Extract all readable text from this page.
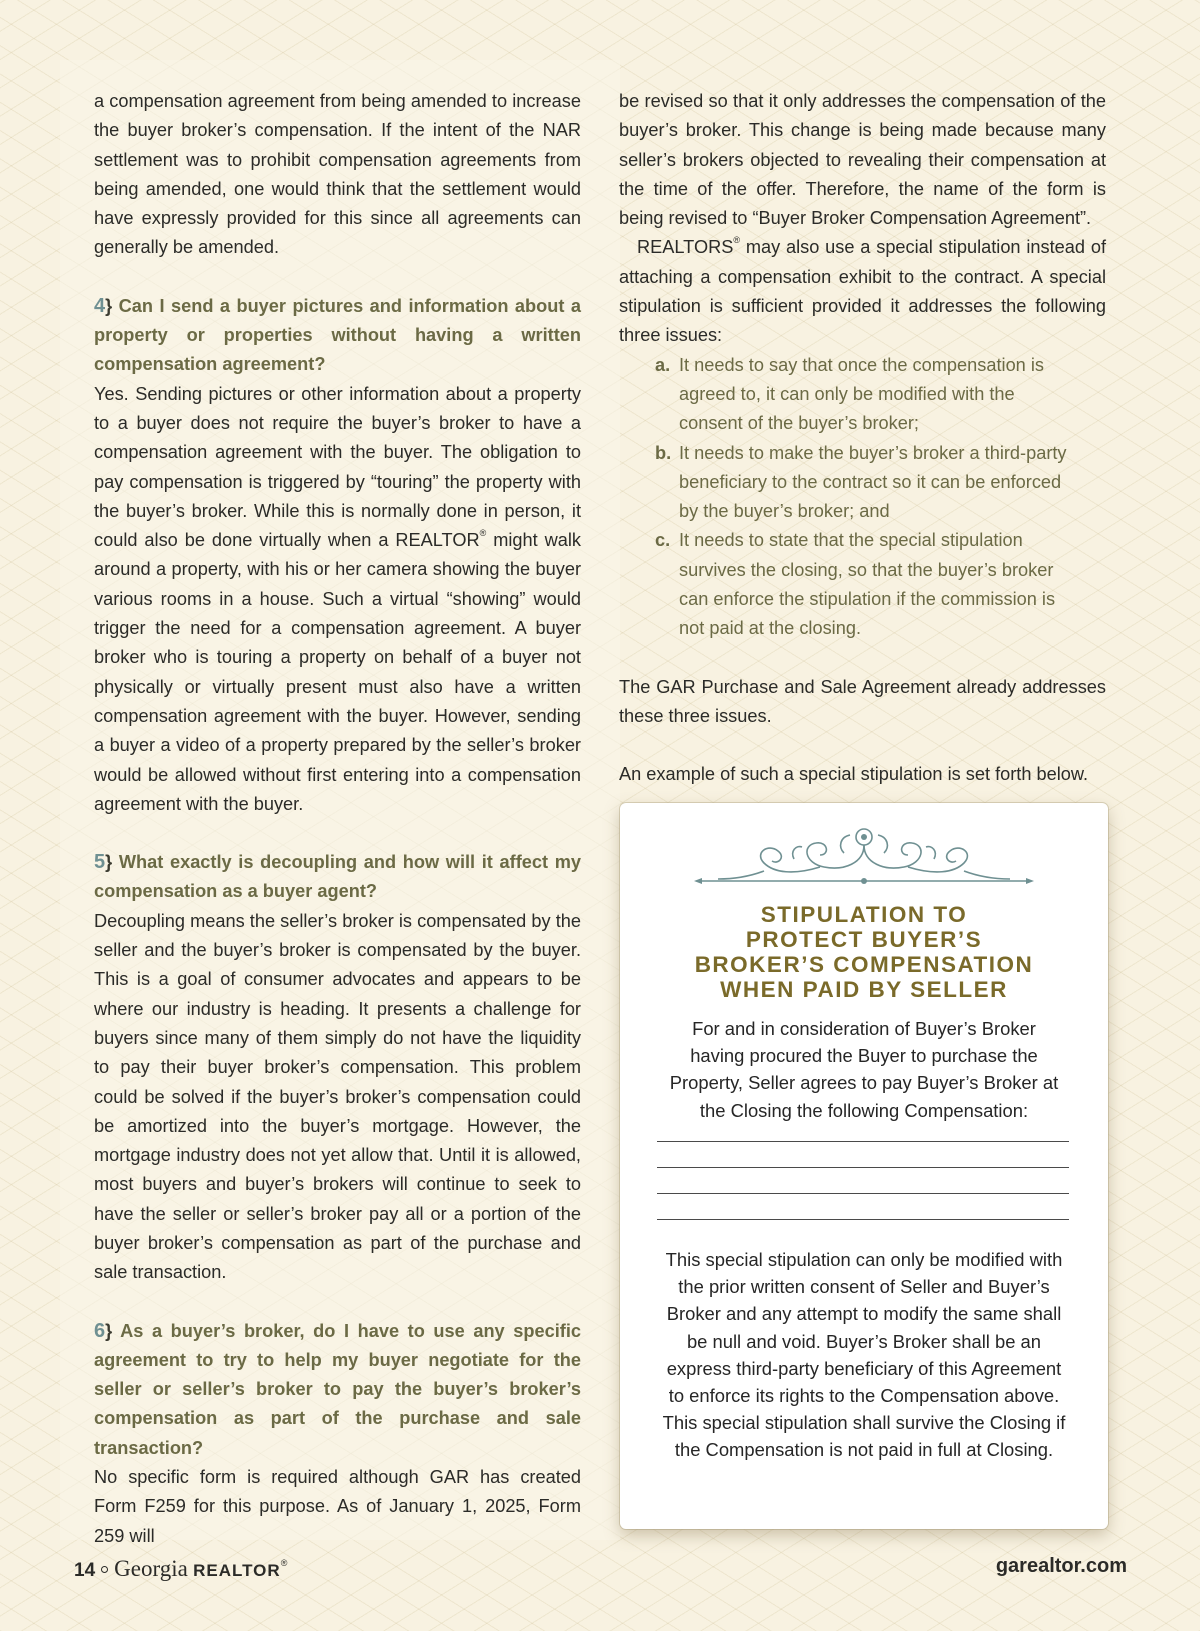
a compensation agreement from being amended to increase the buyer broker’s compensation. If the intent of the NAR settlement was to prohibit compensation agreements from being amended, one would think that the settlement would have expressly provided for this since all agreements can generally be amended.

4} Can I send a buyer pictures and information about a property or properties without having a written compensation agreement?

Yes. Sending pictures or other information about a property to a buyer does not require the buyer’s broker to have a compensation agreement with the buyer. The obligation to pay compensation is triggered by “touring” the property with the buyer’s broker. While this is normally done in person, it could also be done virtually when a REALTOR® might walk around a property, with his or her camera showing the buyer various rooms in a house. Such a virtual “showing” would trigger the need for a compensation agreement. A buyer broker who is touring a property on behalf of a buyer not physically or virtually present must also have a written compensation agreement with the buyer. However, sending a buyer a video of a property prepared by the seller’s broker would be allowed without first entering into a compensation agreement with the buyer.

5} What exactly is decoupling and how will it affect my compensation as a buyer agent?

Decoupling means the seller’s broker is compensated by the seller and the buyer’s broker is compensated by the buyer. This is a goal of consumer advocates and appears to be where our industry is heading. It presents a challenge for buyers since many of them simply do not have the liquidity to pay their buyer broker’s compensation. This problem could be solved if the buyer’s broker’s compensation could be amortized into the buyer’s mortgage. However, the mortgage industry does not yet allow that. Until it is allowed, most buyers and buyer’s brokers will continue to seek to have the seller or seller’s broker pay all or a portion of the buyer broker’s compensation as part of the purchase and sale transaction.

6} As a buyer’s broker, do I have to use any specific agreement to try to help my buyer negotiate for the seller or seller’s broker to pay the buyer’s broker’s compensation as part of the purchase and sale transaction?

No specific form is required although GAR has created Form F259 for this purpose. As of January 1, 2025, Form 259 will

be revised so that it only addresses the compensation of the buyer’s broker. This change is being made because many seller’s brokers objected to revealing their compensation at the time of the offer. Therefore, the name of the form is being revised to “Buyer Broker Compensation Agreement”.

REALTORS® may also use a special stipulation instead of attaching a compensation exhibit to the contract. A special stipulation is sufficient provided it addresses the following three issues:

a. It needs to say that once the compensation is agreed to, it can only be modified with the consent of the buyer’s broker;
b. It needs to make the buyer’s broker a third-party beneficiary to the contract so it can be enforced by the buyer’s broker; and
c. It needs to state that the special stipulation survives the closing, so that the buyer’s broker can enforce the stipulation if the commission is not paid at the closing.

The GAR Purchase and Sale Agreement already addresses these three issues.

An example of such a special stipulation is set forth below.

STIPULATION TO
PROTECT BUYER’S
BROKER’S COMPENSATION
WHEN PAID BY SELLER

For and in consideration of Buyer’s Broker having procured the Buyer to purchase the Property, Seller agrees to pay Buyer’s Broker at the Closing the following Compensation:

This special stipulation can only be modified with the prior written consent of Seller and Buyer’s Broker and any attempt to modify the same shall be null and void. Buyer’s Broker shall be an express third-party beneficiary of this Agreement to enforce its rights to the Compensation above. This special stipulation shall survive the Closing if the Compensation is not paid in full at Closing.

14 Georgia REALTOR®	garealtor.com
